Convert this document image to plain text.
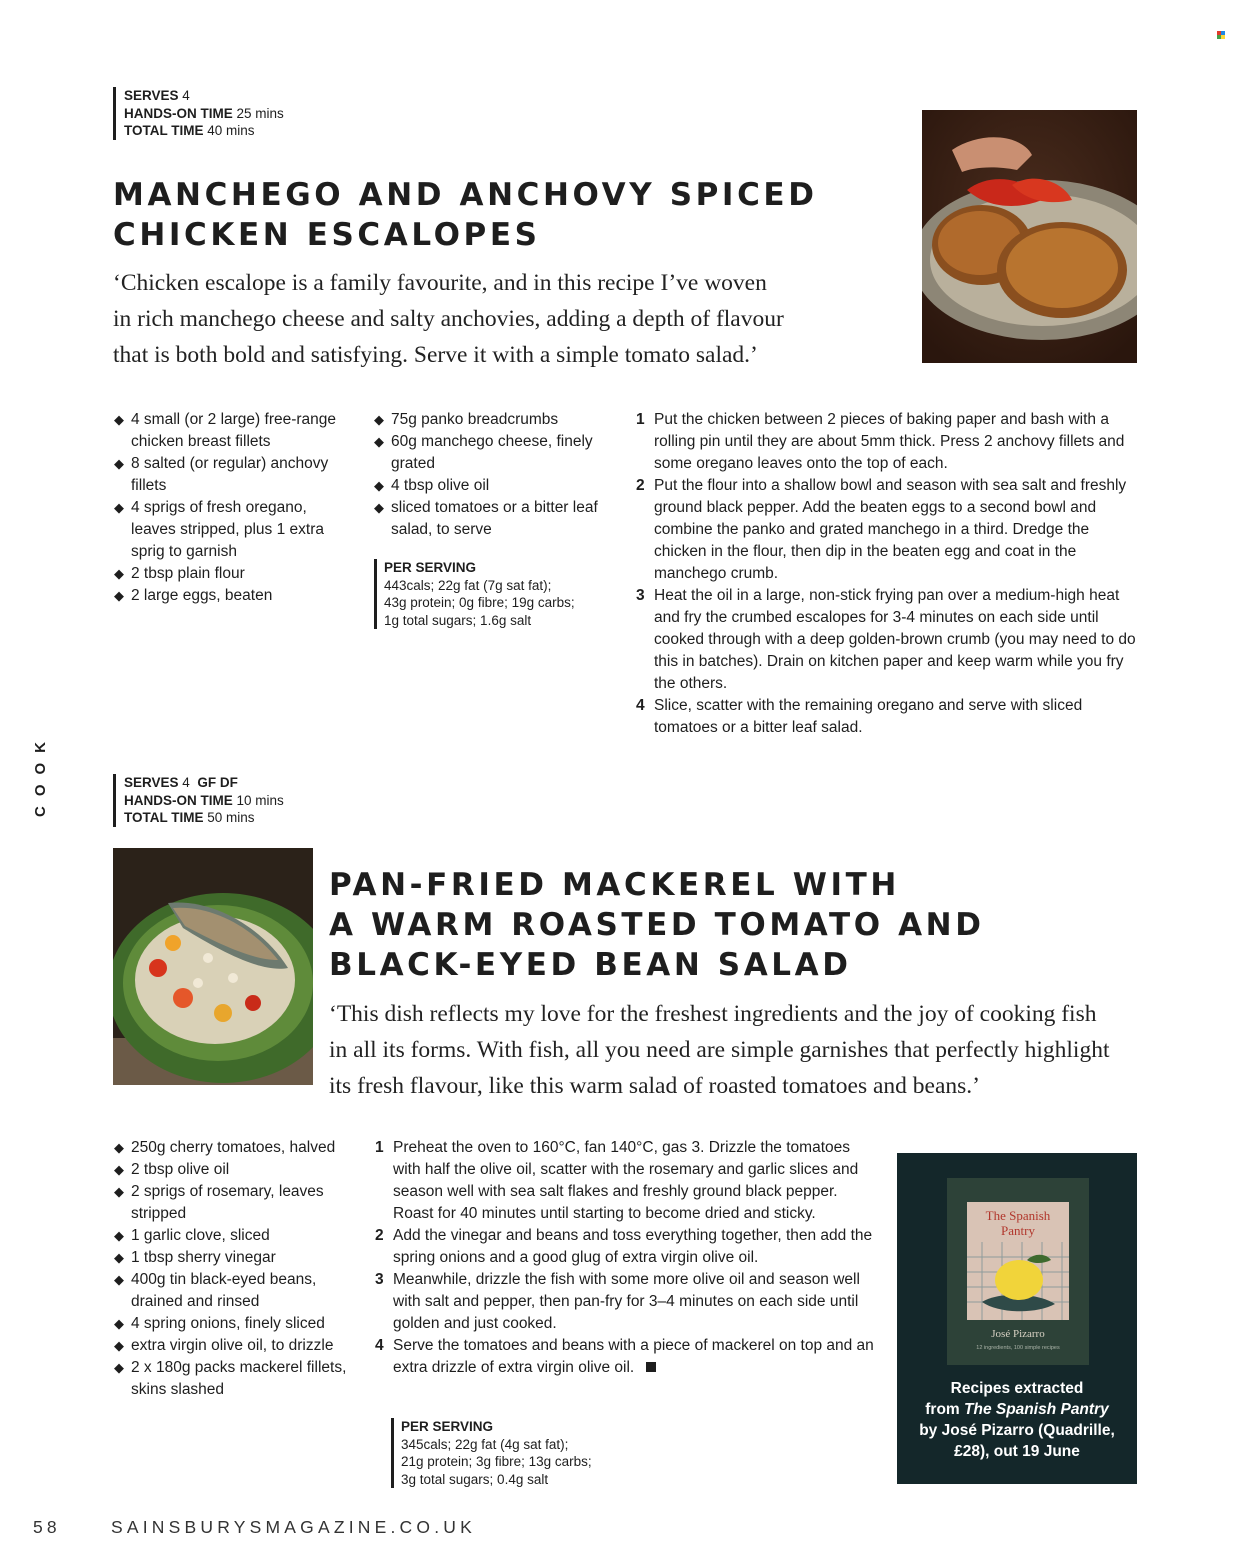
SERVES 4
HANDS-ON TIME 25 mins
TOTAL TIME 40 mins

MANCHEGO AND ANCHOVY SPICED

CHICKEN ESCALOPES

‘Chicken escalope is a family favourite, and in this recipe I’ve woven

in rich manchego cheese and salty anchovies, adding a depth of flavour

that is both bold and satisfying. Serve it with a simple tomato salad.’

◆ 4 small (or 2 large) free-range chicken breast fillets
◆ 8 salted (or regular) anchovy fillets
◆ 4 sprigs of fresh oregano, leaves stripped, plus 1 extra sprig to garnish
◆ 2 tbsp plain flour
◆ 2 large eggs, beaten
◆ 75g panko breadcrumbs
◆ 60g manchego cheese, finely grated
◆ 4 tbsp olive oil
◆ sliced tomatoes or a bitter leaf salad, to serve
PER SERVING
443cals; 22g fat (7g sat fat);
43g protein; 0g fibre; 19g carbs;
1g total sugars; 1.6g salt
1 Put the chicken between 2 pieces of baking paper and bash with a rolling pin until they are about 5mm thick. Press 2 anchovy fillets and some oregano leaves onto the top of each.
2 Put the flour into a shallow bowl and season with sea salt and freshly ground black pepper. Add the beaten eggs to a second bowl and combine the panko and grated manchego in a third. Dredge the chicken in the flour, then dip in the beaten egg and coat in the manchego crumb.
3 Heat the oil in a large, non-stick frying pan over a medium-high heat and fry the crumbed escalopes for 3-4 minutes on each side until cooked through with a deep golden-brown crumb (you may need to do this in batches). Drain on kitchen paper and keep warm while you fry the others.
4 Slice, scatter with the remaining oregano and serve with sliced tomatoes or a bitter leaf salad.
COOK	SERVES 4 GF DF
HANDS-ON TIME 10 mins
TOTAL TIME 50 mins

PAN-FRIED MACKEREL WITH

A WARM ROASTED TOMATO AND

BLACK-EYED BEAN SALAD

‘This dish reflects my love for the freshest ingredients and the joy of cooking fish

in all its forms. With fish, all you need are simple garnishes that perfectly highlight

its fresh flavour, like this warm salad of roasted tomatoes and beans.’

◆ 250g cherry tomatoes, halved
◆ 2 tbsp olive oil
◆ 2 sprigs of rosemary, leaves stripped
◆ 1 garlic clove, sliced
◆ 1 tbsp sherry vinegar
◆ 400g tin black-eyed beans, drained and rinsed
◆ 4 spring onions, finely sliced
◆ extra virgin olive oil, to drizzle
◆ 2 x 180g packs mackerel fillets, skins slashed
1 Preheat the oven to 160°C, fan 140°C, gas 3. Drizzle the tomatoes with half the olive oil, scatter with the rosemary and garlic slices and season well with sea salt flakes and freshly ground black pepper. Roast for 40 minutes until starting to become dried and sticky.
2 Add the vinegar and beans and toss everything together, then add the spring onions and a good glug of extra virgin olive oil.
3 Meanwhile, drizzle the fish with some more olive oil and season well with salt and pepper, then pan-fry for 3–4 minutes on each side until golden and just cooked.
4 Serve the tomatoes and beans with a piece of mackerel on top and an extra drizzle of extra virgin olive oil.
PER SERVING
345cals; 22g fat (4g sat fat);
21g protein; 3g fibre; 13g carbs;
3g total sugars; 0.4g salt
The Spanish
Pantry
José Pizarro
12 ingredients, 100 simple recipes
Recipes extracted
from The Spanish Pantry
by José Pizarro (Quadrille,
£28), out 19 June
58	SAINSBURYSMAGAZINE.CO.UK
